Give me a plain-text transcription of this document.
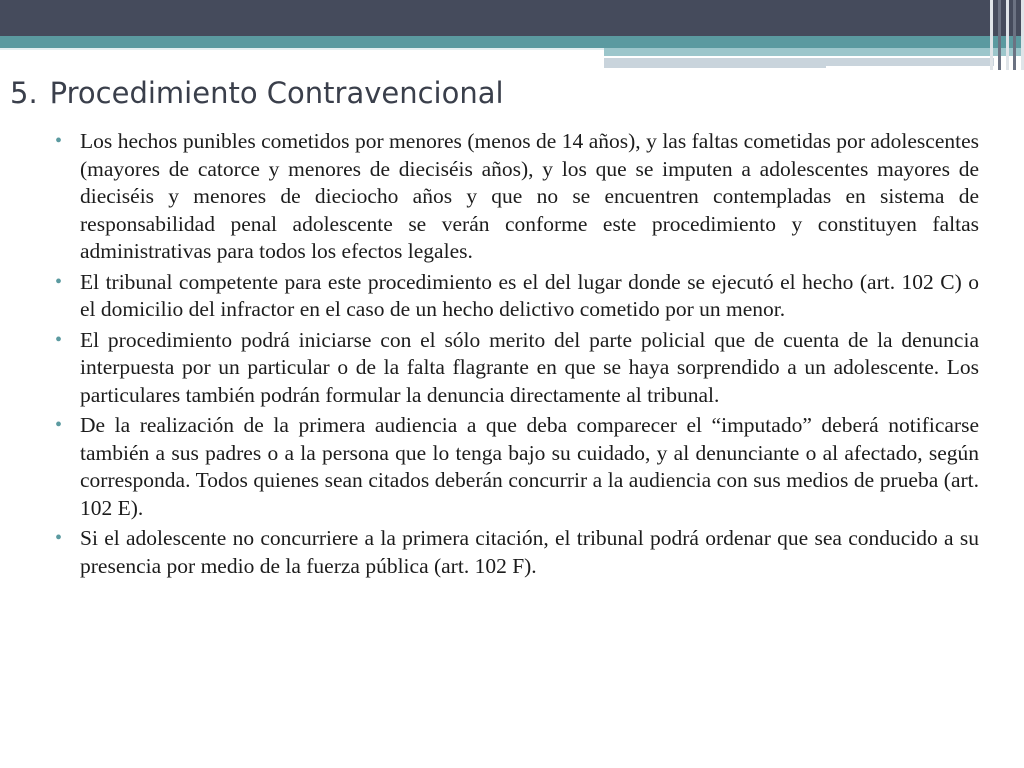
5. Procedimiento Contravencional
• Los hechos punibles cometidos por menores (menos de 14 años), y las faltas cometidas por adolescentes (mayores de catorce y menores de dieciséis años), y los que se imputen a adolescentes mayores de dieciséis y menores de dieciocho años y que no se encuentren contempladas en sistema de responsabilidad penal adolescente se verán conforme este procedimiento y constituyen faltas administrativas para todos los efectos legales.
• El tribunal competente para este procedimiento es el del lugar donde se ejecutó el hecho (art. 102 C) o el domicilio del infractor en el caso de un hecho delictivo cometido por un menor.
• El procedimiento podrá iniciarse con el sólo merito del parte policial que de cuenta de la denuncia interpuesta por un particular o de la falta flagrante en que se haya sorprendido a un adolescente. Los particulares también podrán formular la denuncia directamente al tribunal.
• De la realización de la primera audiencia a que deba comparecer el “imputado” deberá notificarse también a sus padres o a la persona que lo tenga bajo su cuidado, y al denunciante o al afectado, según corresponda. Todos quienes sean citados deberán concurrir a la audiencia con sus medios de prueba (art. 102 E).
• Si el adolescente no concurriere a la primera citación, el tribunal podrá ordenar que sea conducido a su presencia por medio de la fuerza pública (art. 102 F).
